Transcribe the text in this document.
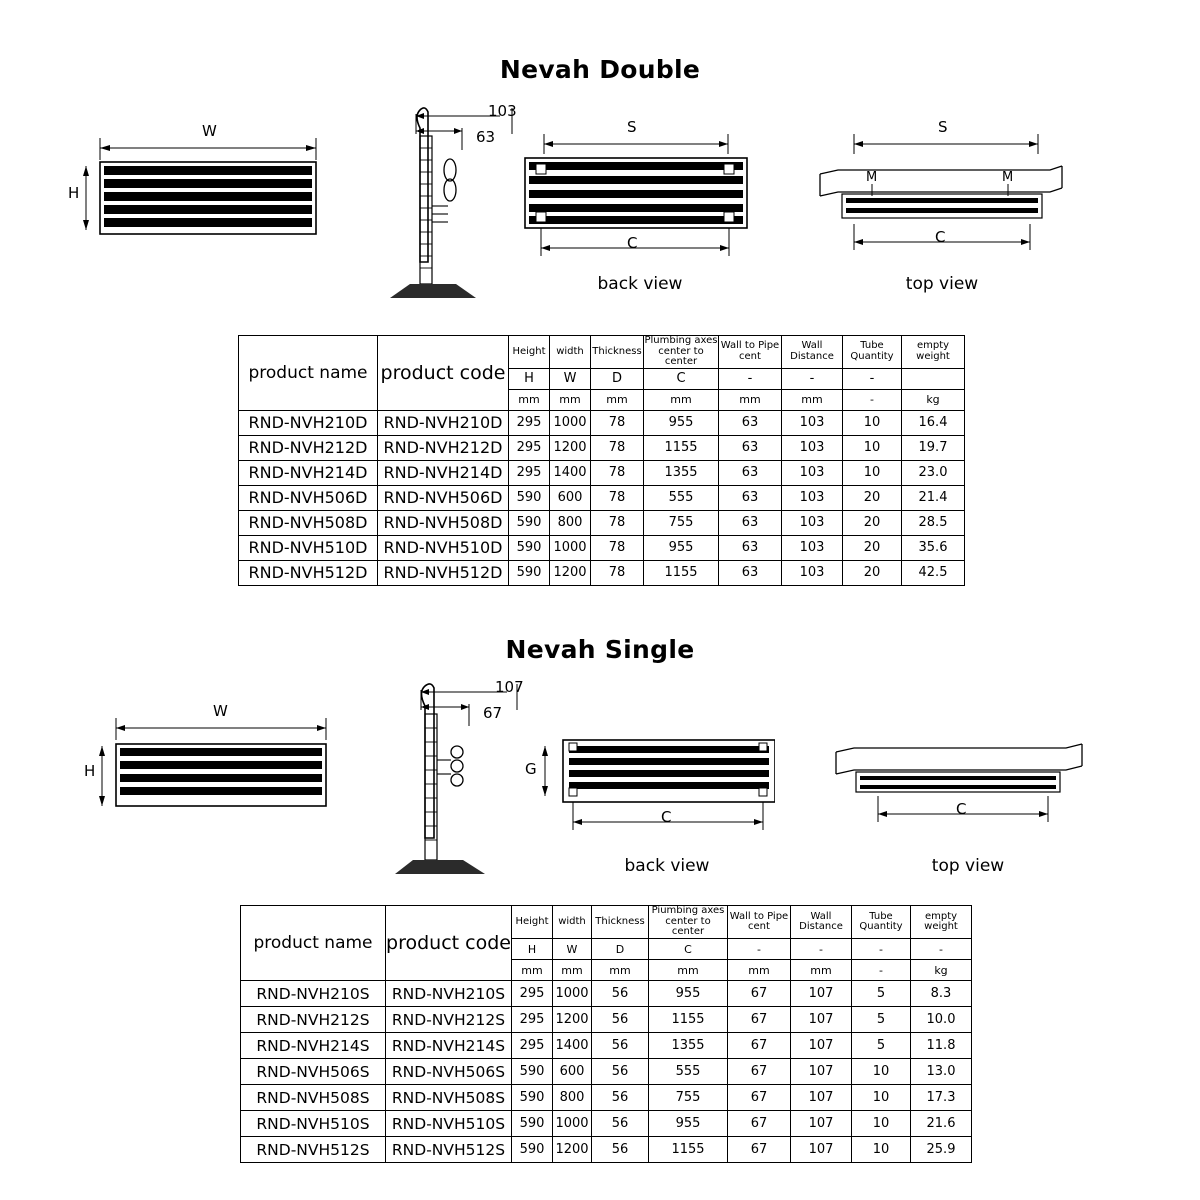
Nevah Double
W
H
103
63
S
C
back view
S
M	M
C
top view
product name	product code	Height	width	Thickness	Plumbing axes center to center	Wall to Pipe cent	Wall Distance	Tube Quantity	empty weight
		H	W	D	C	-	-	-	
		mm	mm	mm	mm	mm	mm	-	kg
RND-NVH210D	RND-NVH210D	295	1000	78	955	63	103	10	16.4
RND-NVH212D	RND-NVH212D	295	1200	78	1155	63	103	10	19.7
RND-NVH214D	RND-NVH214D	295	1400	78	1355	63	103	10	23.0
RND-NVH506D	RND-NVH506D	590	600	78	555	63	103	20	21.4
RND-NVH508D	RND-NVH508D	590	800	78	755	63	103	20	28.5
RND-NVH510D	RND-NVH510D	590	1000	78	955	63	103	20	35.6
RND-NVH512D	RND-NVH512D	590	1200	78	1155	63	103	20	42.5
Nevah Single
W
H
107
67
G
C
back view
C
top view
product name	product code	Height	width	Thickness	Piumbing axes center to center	Wall to Pipe cent	Wall Distance	Tube Quantity	empty weight
		H	W	D	C	-	-	-	-
		mm	mm	mm	mm	mm	mm	-	kg
RND-NVH210S	RND-NVH210S	295	1000	56	955	67	107	5	8.3
RND-NVH212S	RND-NVH212S	295	1200	56	1155	67	107	5	10.0
RND-NVH214S	RND-NVH214S	295	1400	56	1355	67	107	5	11.8
RND-NVH506S	RND-NVH506S	590	600	56	555	67	107	10	13.0
RND-NVH508S	RND-NVH508S	590	800	56	755	67	107	10	17.3
RND-NVH510S	RND-NVH510S	590	1000	56	955	67	107	10	21.6
RND-NVH512S	RND-NVH512S	590	1200	56	1155	67	107	10	25.9
